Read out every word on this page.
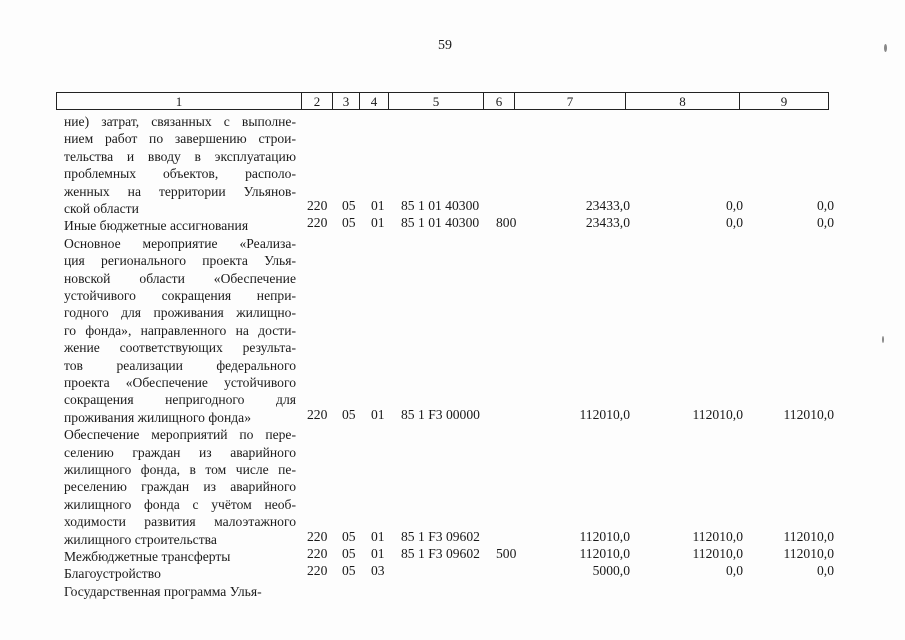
59
1	2	3	4	5	6	7	8	9
ние) затрат, связанных с выполне-
нием работ по завершению строи-
тельства и вводу в эксплуатацию
проблемных объектов, располо-
женных на территории Ульянов-
ской области	220 05 01 85 1 01 40300	23433,0	0,0	0,0
Иные бюджетные ассигнования	220 05 01 85 1 01 40300 800	23433,0	0,0	0,0
Основное мероприятие «Реализа-
ция регионального проекта Улья-
новской области «Обеспечение
устойчивого сокращения непри-
годного для проживания жилищно-
го фонда», направленного на дости-
жение соответствующих результа-
тов реализации федерального
проекта «Обеспечение устойчивого
сокращения непригодного для
проживания жилищного фонда»	220 05 01 85 1 F3 00000	112010,0	112010,0	112010,0
Обеспечение мероприятий по пере-
селению граждан из аварийного
жилищного фонда, в том числе пе-
реселению граждан из аварийного
жилищного фонда с учётом необ-
ходимости развития малоэтажного
жилищного строительства	220 05 01 85 1 F3 09602	112010,0	112010,0	112010,0
Межбюджетные трансферты	220 05 01 85 1 F3 09602 500	112010,0	112010,0	112010,0
Благоустройство	220 05 03	5000,0	0,0	0,0
Государственная программа Улья-
